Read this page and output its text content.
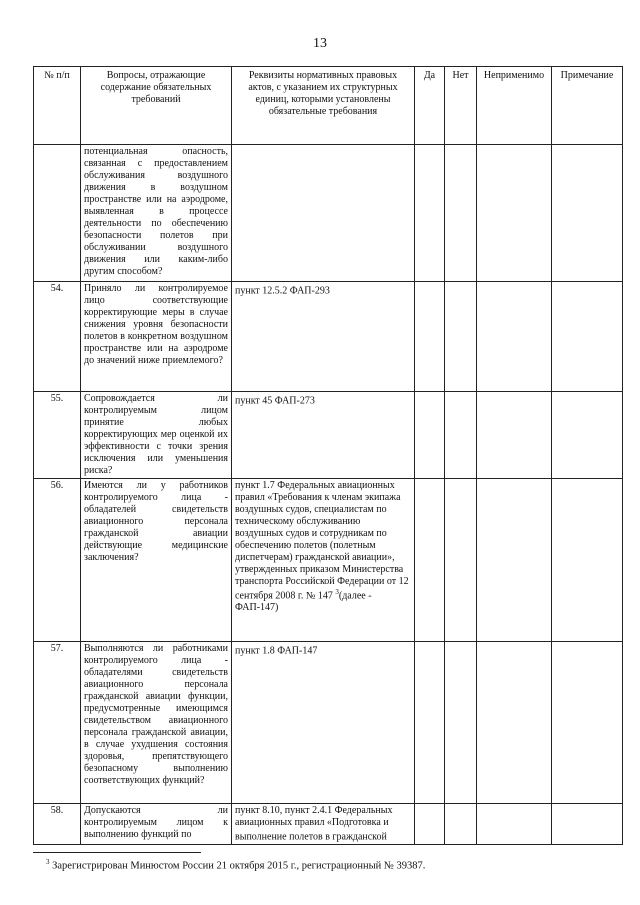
13
№ п/п	Вопросы, отражающие содержание обязательных требований	Реквизиты нормативных правовых актов, с указанием их структурных единиц, которыми установлены обязательные требования	Да	Нет	Неприменимо	Примечание
	потенциальная опасность, связанная с предоставлением обслуживания воздушного движения в воздушном пространстве или на аэродроме, выявленная в процессе деятельности по обеспечению безопасности полетов при обслуживании воздушного движения или каким-либо другим способом?					
54.	Приняло ли контролируемое лицо соответствующие корректирующие меры в случае снижения уровня безопасности полетов в конкретном воздушном пространстве или на аэродроме до значений ниже приемлемого?	пункт 12.5.2 ФАП-293				
55.	Сопровождается ли контролируемым лицом принятие любых корректирующих мер оценкой их эффективности с точки зрения исключения или уменьшения риска?	пункт 45 ФАП-273				
56.	Имеются ли у работников контролируемого лица - обладателей свидетельств авиационного персонала гражданской авиации действующие медицинские заключения?	пункт 1.7 Федеральных авиационных правил «Требования к членам экипажа воздушных судов, специалистам по техническому обслуживанию воздушных судов и сотрудникам по обеспечению полетов (полетным диспетчерам) гражданской авиации», утвержденных приказом Министерства транспорта Российской Федерации от 12 сентября 2008 г. № 147 $^3$(далее - ФАП-147)				
57.	Выполняются ли работниками контролируемого лица - обладателями свидетельств авиационного персонала гражданской авиации функции, предусмотренные имеющимся свидетельством авиационного персонала гражданской авиации, в случае ухудшения состояния здоровья, препятствующего безопасному выполнению соответствующих функций?	пункт 1.8 ФАП-147				
58.	Допускаются ли контролируемым лицом к выполнению функций по	пункт 8.10, пункт 2.4.1 Федеральных авиационных правил «Подготовка и выполнение полетов в гражданской				
$^3$ Зарегистрирован Минюстом России 21 октября 2015 г., регистрационный № 39387.
